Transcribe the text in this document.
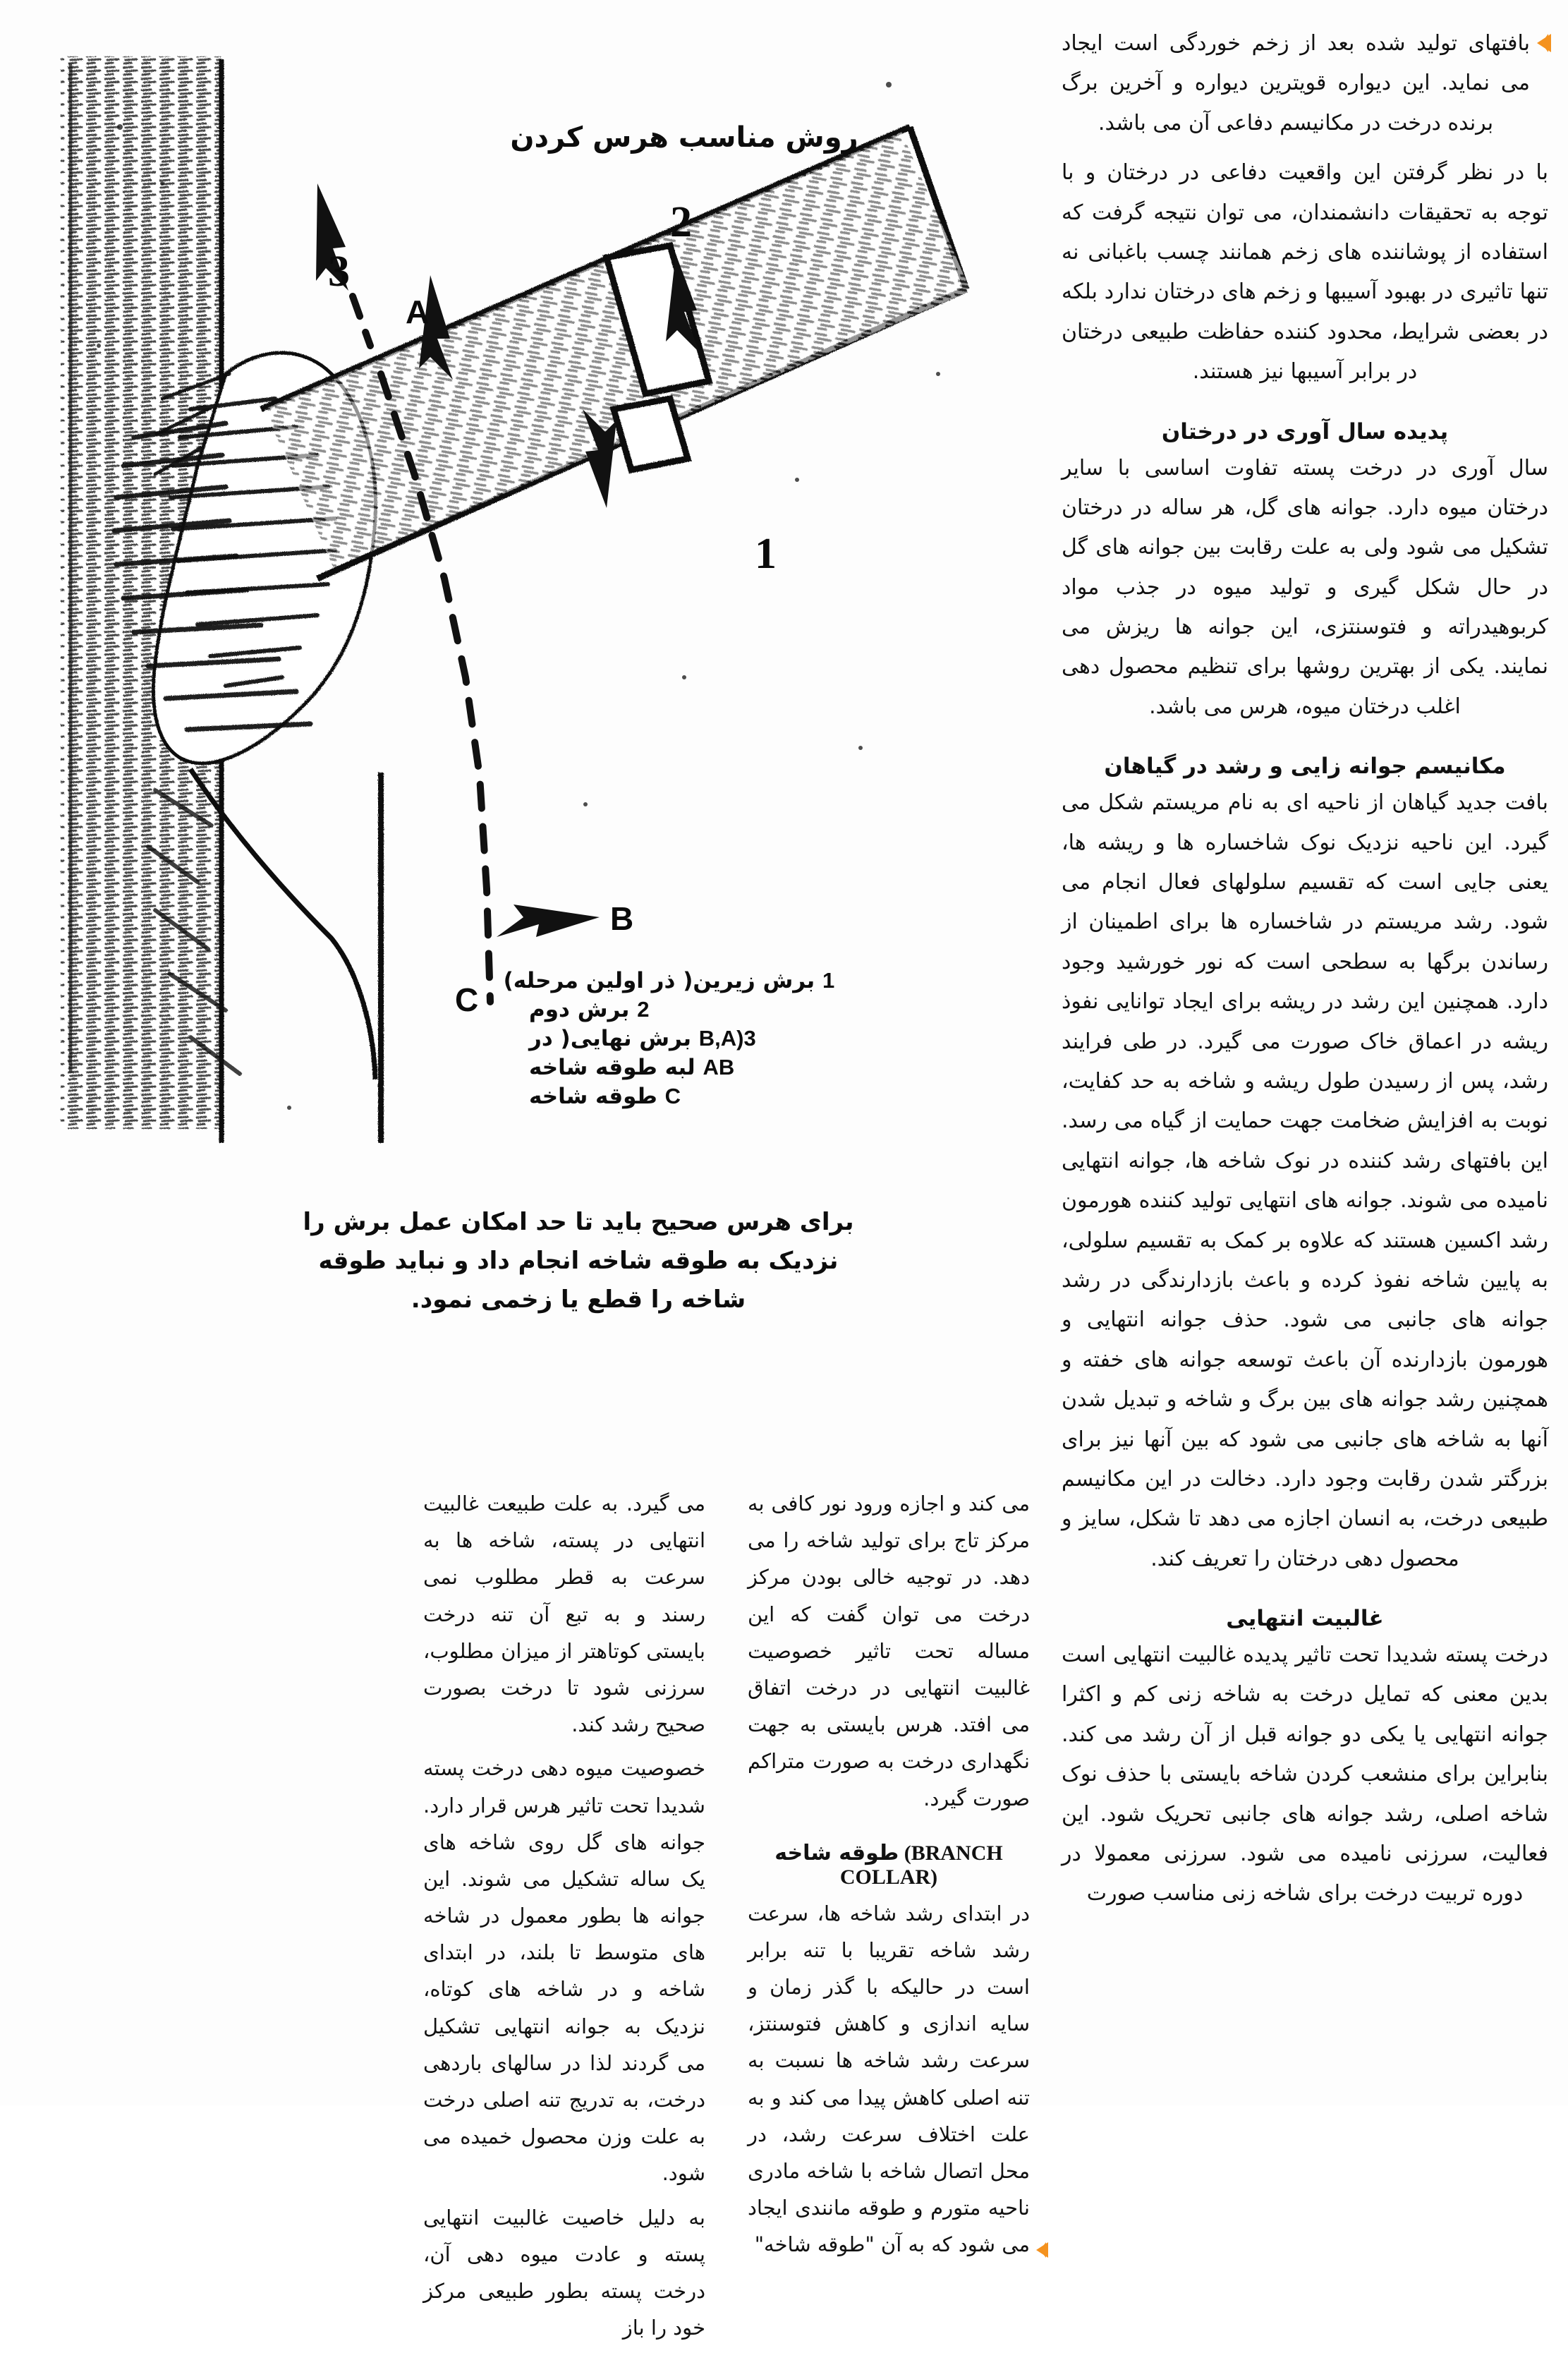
روش مناسب هرس کردن
3
2
1
A
B
C
1 برش زیرین( ذر اولین مرحله)
2 برش دوم
3(B,A برش نهایی( در
AB لبه طوقه شاخه
C طوقه شاخه
برای هرس صحیح باید تا حد امکان عمل برش را نزدیک به طوقه شاخه انجام داد و نباید طوقه شاخه را قطع یا زخمی نمود.

بافتهای تولید شده بعد از زخم خوردگی است ایجاد می نماید. این دیواره قویترین دیواره و آخرین برگ برنده درخت در مکانیسم دفاعی آن می باشد.

با در نظر گرفتن این واقعیت دفاعی در درختان و با توجه به تحقیقات دانشمندان، می توان نتیجه گرفت که استفاده از پوشاننده های زخم همانند چسب باغبانی نه تنها تاثیری در بهبود آسیبها و زخم های درختان ندارد بلکه در بعضی شرایط، محدود کننده حفاظت طبیعی درختان در برابر آسیبها نیز هستند.

پدیده سال آوری در درختان

سال آوری در درخت پسته تفاوت اساسی با سایر درختان میوه دارد. جوانه های گل، هر ساله در درختان تشکیل می شود ولی به علت رقابت بین جوانه های گل در حال شکل گیری و تولید میوه در جذب مواد کربوهیدراته و فتوسنتزی، این جوانه ها ریزش می نمایند. یکی از بهترین روشها برای تنظیم محصول دهی اغلب درختان میوه، هرس می باشد.

مکانیسم جوانه زایی و رشد در گیاهان

بافت جدید گیاهان از ناحیه ای به نام مریستم شکل می گیرد. این ناحیه نزدیک نوک شاخساره ها و ریشه ها، یعنی جایی است که تقسیم سلولهای فعال انجام می شود. رشد مریستم در شاخساره ها برای اطمینان از رساندن برگها به سطحی است که نور خورشید وجود دارد. همچنین این رشد در ریشه برای ایجاد توانایی نفوذ ریشه در اعماق خاک صورت می گیرد. در طی فرایند رشد، پس از رسیدن طول ریشه و شاخه به حد کفایت، نوبت به افزایش ضخامت جهت حمایت از گیاه می رسد. این بافتهای رشد کننده در نوک شاخه ها، جوانه انتهایی نامیده می شوند. جوانه های انتهایی تولید کننده هورمون رشد اکسین هستند که علاوه بر کمک به تقسیم سلولی، به پایین شاخه نفوذ کرده و باعث بازدارندگی در رشد جوانه های جانبی می شود. حذف جوانه انتهایی و هورمون بازدارنده آن باعث توسعه جوانه های خفته و همچنین رشد جوانه های بین برگ و شاخه و تبدیل شدن آنها به شاخه های جانبی می شود که بین آنها نیز برای بزرگتر شدن رقابت وجود دارد. دخالت در این مکانیسم طبیعی درخت، به انسان اجازه می دهد تا شکل، سایز و محصول دهی درختان را تعریف کند.

غالبیت انتهایی

درخت پسته شدیدا تحت تاثیر پدیده غالبیت انتهایی است بدین معنی که تمایل درخت به شاخه زنی کم و اکثرا جوانه انتهایی یا یکی دو جوانه قبل از آن رشد می کند. بنابراین برای منشعب کردن شاخه بایستی با حذف نوک شاخه اصلی، رشد جوانه های جانبی تحریک شود. این فعالیت، سرزنی نامیده می شود. سرزنی معمولا در دوره تربیت درخت برای شاخه زنی مناسب صورت

می کند و اجازه ورود نور کافی به مرکز تاج برای تولید شاخه را می دهد. در توجیه خالی بودن مرکز درخت می توان گفت که این مساله تحت تاثیر خصوصیت غالبیت انتهایی در درخت اتفاق می افتد. هرس بایستی به جهت نگهداری درخت به صورت متراکم صورت گیرد.

طوقه شاخه (BRANCH COLLAR)

در ابتدای رشد شاخه ها، سرعت رشد شاخه تقریبا با تنه برابر است در حالیکه با گذر زمان و سایه اندازی و کاهش فتوسنتز، سرعت رشد شاخه ها نسبت به تنه اصلی کاهش پیدا می کند و به علت اختلاف سرعت رشد، در محل اتصال شاخه با شاخه مادری ناحیه متورم و طوقه مانندی ایجاد می شود که به آن "طوقه شاخه"

می گیرد. به علت طبیعت غالبیت انتهایی در پسته، شاخه ها به سرعت به قطر مطلوب نمی رسند و به تبع آن تنه درخت بایستی کوتاهتر از میزان مطلوب، سرزنی شود تا درخت بصورت صحیح رشد کند.

خصوصیت میوه دهی درخت پسته شدیدا تحت تاثیر هرس قرار دارد. جوانه های گل روی شاخه های یک ساله تشکیل می شوند. این جوانه ها بطور معمول در شاخه های متوسط تا بلند، در ابتدای شاخه و در شاخه های کوتاه، نزدیک به جوانه انتهایی تشکیل می گردند لذا در سالهای باردهی درخت، به تدریج تنه اصلی درخت به علت وزن محصول خمیده می شود.

به دلیل خاصیت غالبیت انتهایی پسته و عادت میوه دهی آن، درخت پسته بطور طبیعی مرکز خود را باز
